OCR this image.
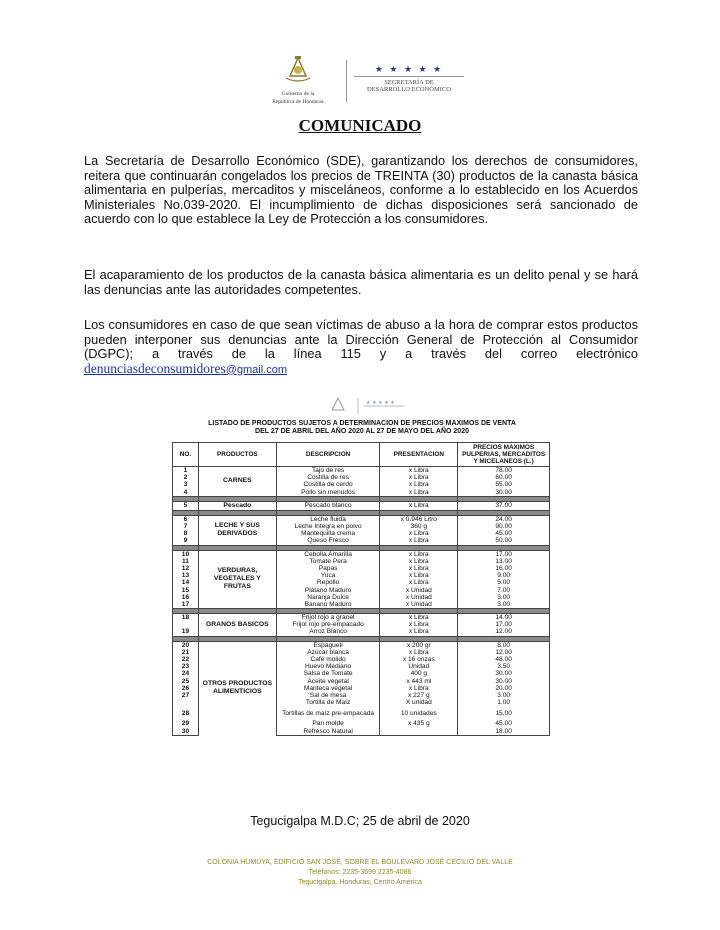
Gobierno de la
República de Honduras
★ ★ ★ ★ ★
SECRETARÍA DE
DESARROLLO ECONÓMICO
COMUNICADO
La Secretaría de Desarrollo Económico (SDE), garantizando los derechos de consumidores, reitera que continuarán congelados los precios de TREINTA (30) productos de la canasta básica alimentaria en pulperías, mercaditos y misceláneos, conforme a lo establecido en los Acuerdos Ministeriales No.039-2020. El incumplimiento de dichas disposiciones será sancionado de acuerdo con lo que establece la Ley de Protección a los consumidores.
El acaparamiento de los productos de la canasta básica alimentaria es un delito penal y se hará las denuncias ante las autoridades competentes.
Los consumidores en caso de que sean víctimas de abuso a la hora de comprar estos productos pueden interponer sus denuncias ante la Dirección General de Protección al Consumidor (DGPC); a través de la línea 115 y a través del correo electrónico denunciasdeconsumidores@gmail.com
★ ★ ★ ★ ★
LISTADO DE PRODUCTOS SUJETOS A DETERMINACION DE PRECIOS MAXIMOS DE VENTA
DEL 27 DE ABRIL DEL AÑO 2020 AL 27 DE MAYO DEL AÑO 2020
NO.	PRODUCTOS	DESCRIPCION	PRESENTACION	PRECIOS MAXIMOS PULPERIAS, MERCADITOS Y MICELANEOS (L.)
1	CARNES	Tajo de res	x Libra	78.00
2		Costilla de res	x Libra	60.00
3		Costilla de cerdo	x Libra	55.00
4		Pollo sin menudos	x Libra	30.00

5	Pescado	Pescado blanco	x Libra	37.00

6	LECHE Y SUS DERIVADOS	Leche fluida	x 0.946 Litro	24.00
7		Leche Integra en polvo	360 g	90.00
8		Mantequilla crema	x Libra	45.00
9		Queso Fresco	x Libra	50.00

10	VERDURAS, VEGETALES Y FRUTAS	Cebolla Amarilla	x Libra	17.00
11		Tomate Pera	x Libra	13.00
12		Papas	x Libra	16.00
13		Yuca	x Libra	9.00
14		Repollo	x Libra	5.00
15		Plátano Maduro	x Unidad	7.00
16		Naranja Dulce	x Unidad	3.00
17		Banano Maduro	x Unidad	3.00

18	GRANOS BASICOS	Frijol rojo a granel	x Libra	14.00
		Frijol rojo pre-empacado	x Libra	17.00
19		Arroz Blanco	x Libra	12.00

20	OTROS PRODUCTOS ALIMENTICIOS	Espagueti	x 200 gr	8.00
21		Azúcar blanca	x Libra	12.00
22		Café molido	x 16 onzas	48.00
23		Huevo Mediano	Unidad	3.50
24		Salsa de Tomate	400 g	30.00
25		Aceite vegetal	x 443 ml	30.00
26		Manteca vegetal	x Libra	20.00
27		Sal de mesa	x 227 g	3.00
		Tortilla de Maíz	X unidad	1.00
28		Tortillas de maíz pre-empacada	10 unidades	15.00
29		Pan molde	x 435 g	45.00
30		Refresco Natural		18.00
Tegucigalpa M.D.C; 25 de abril de 2020
COLONIA HUMUYA, EDIFICIO SAN JOSÉ, SOBRE EL BOULEVARD JOSÉ CECILIO DEL VALLE
Teléfonos: 2235-3699 2235-4086
Tegucigalpa. Honduras, Centro América
